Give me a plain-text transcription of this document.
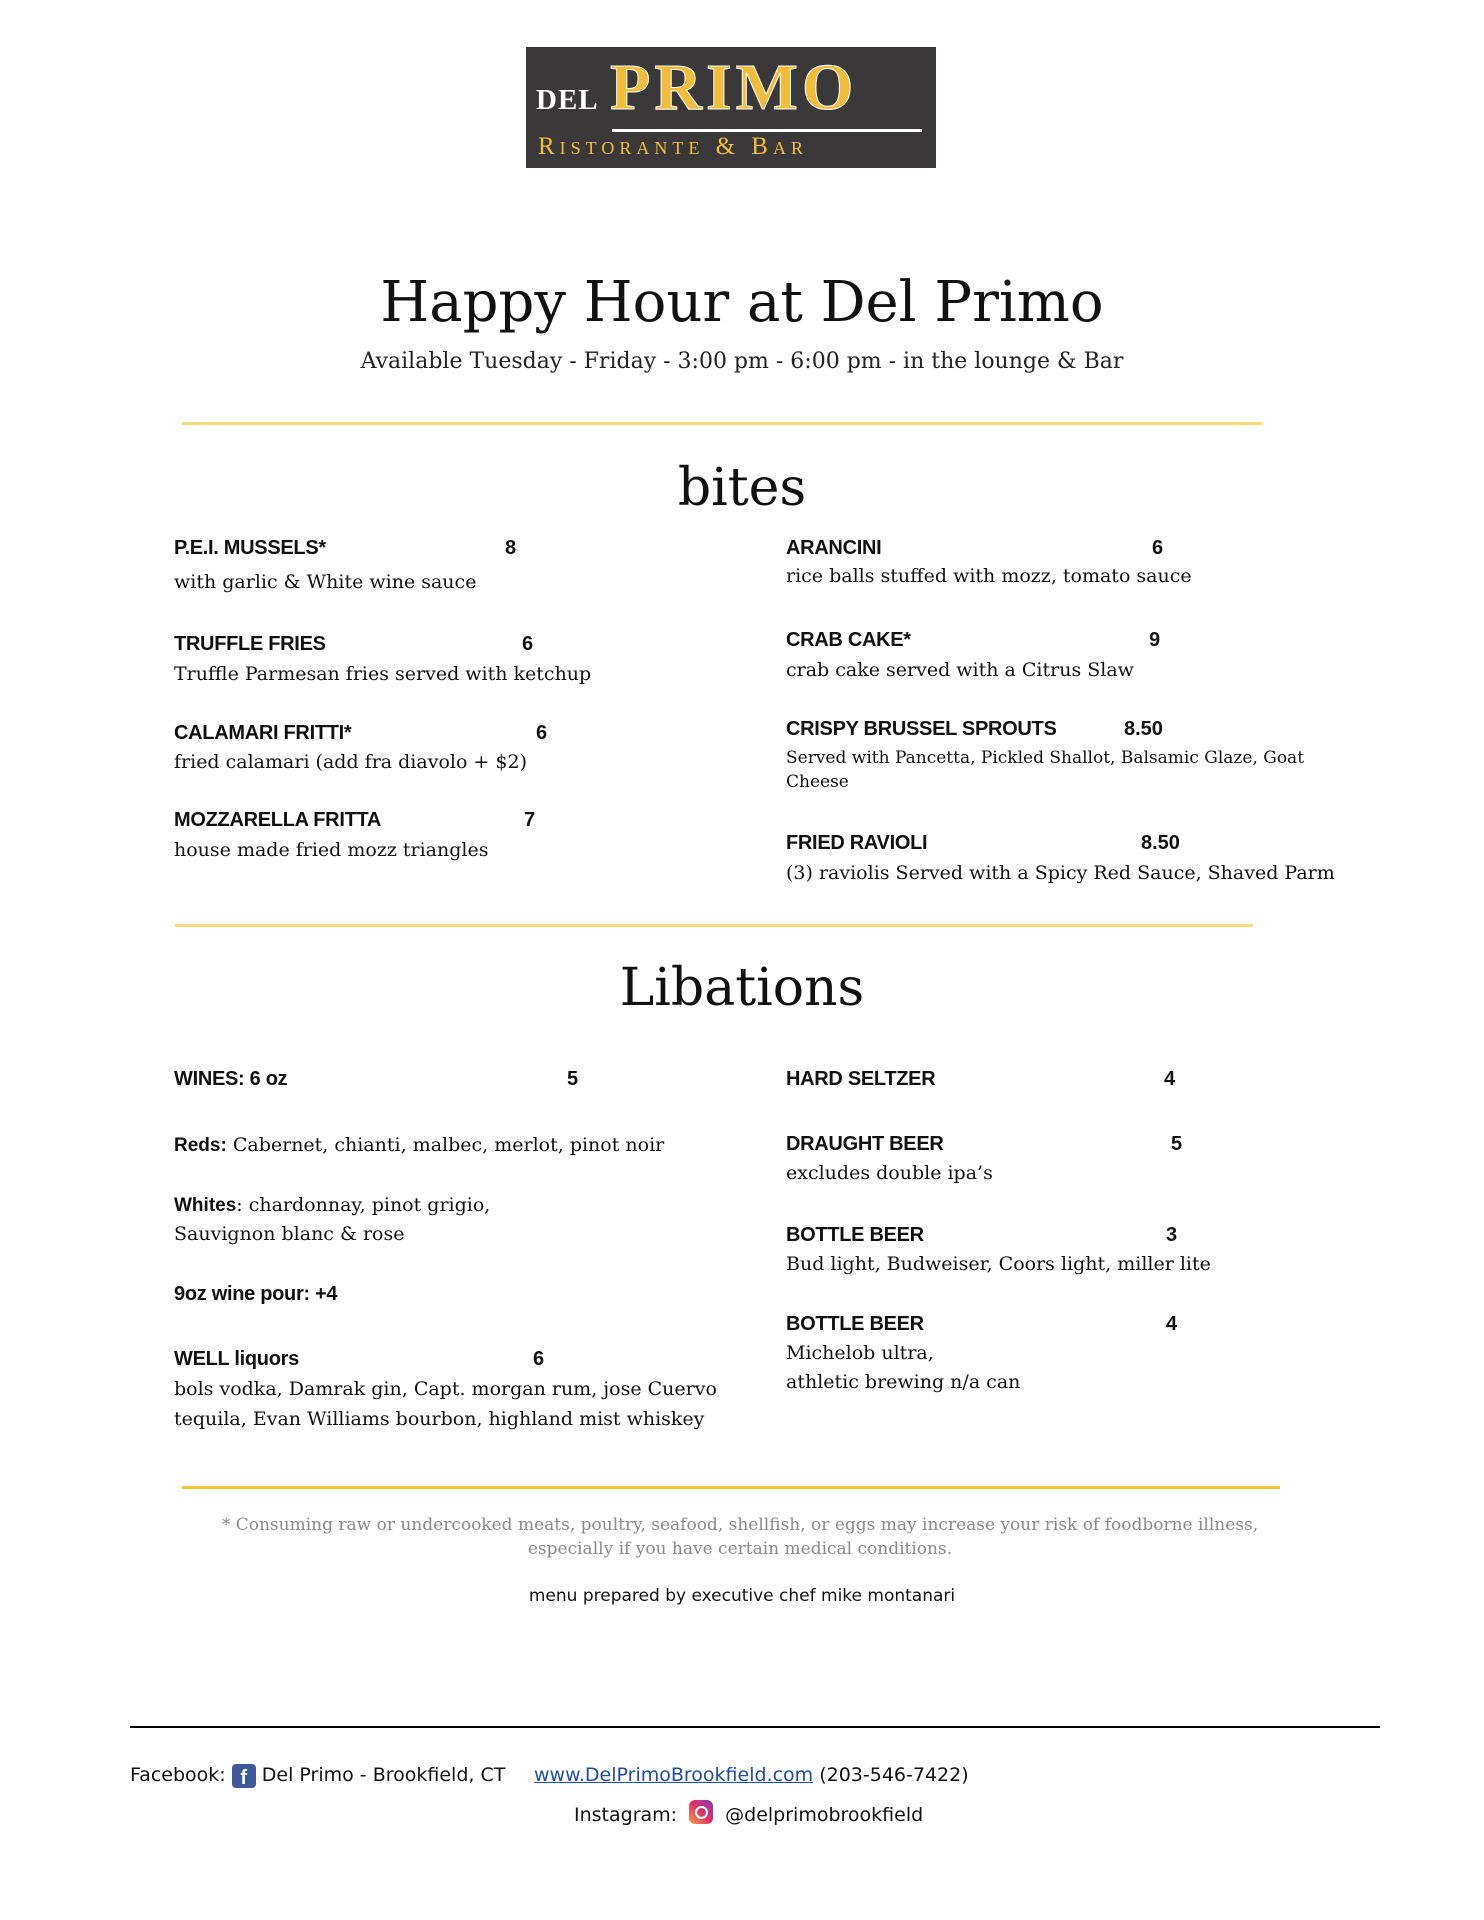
DEL PRIMO
Ristorante & Bar
Happy Hour at Del Primo
Available Tuesday - Friday - 3:00 pm - 6:00 pm - in the lounge & Bar
bites
P.E.I. MUSSELS*	8
with garlic & White wine sauce
TRUFFLE FRIES	6
Truffle Parmesan fries served with ketchup
CALAMARI FRITTI*	6
fried calamari (add fra diavolo + $2)
MOZZARELLA FRITTA	7
house made fried mozz triangles
ARANCINI	6
rice balls stuffed with mozz, tomato sauce
CRAB CAKE*	9
crab cake served with a Citrus Slaw
CRISPY BRUSSEL SPROUTS	8.50
Served with Pancetta, Pickled Shallot, Balsamic Glaze, Goat Cheese
FRIED RAVIOLI	8.50
(3) raviolis Served with a Spicy Red Sauce, Shaved Parm
Libations
WINES: 6 oz	5
Reds: Cabernet, chianti, malbec, merlot, pinot noir
Whites: chardonnay, pinot grigio,
Sauvignon blanc & rose
9oz wine pour: +4
WELL liquors	6
bols vodka, Damrak gin, Capt. morgan rum, jose Cuervo
tequila, Evan Williams bourbon, highland mist whiskey
HARD SELTZER	4
DRAUGHT BEER	5
excludes double ipa’s
BOTTLE BEER	3
Bud light, Budweiser, Coors light, miller lite
BOTTLE BEER	4
Michelob ultra,
athletic brewing n/a can
* Consuming raw or undercooked meats, poultry, seafood, shellfish, or eggs may increase your risk of foodborne illness, especially if you have certain medical conditions.
menu prepared by executive chef mike montanari
Facebook: f Del Primo - Brookfield, CT www.DelPrimoBrookfield.com (203-546-7422)
Instagram:	@delprimobrookfield
